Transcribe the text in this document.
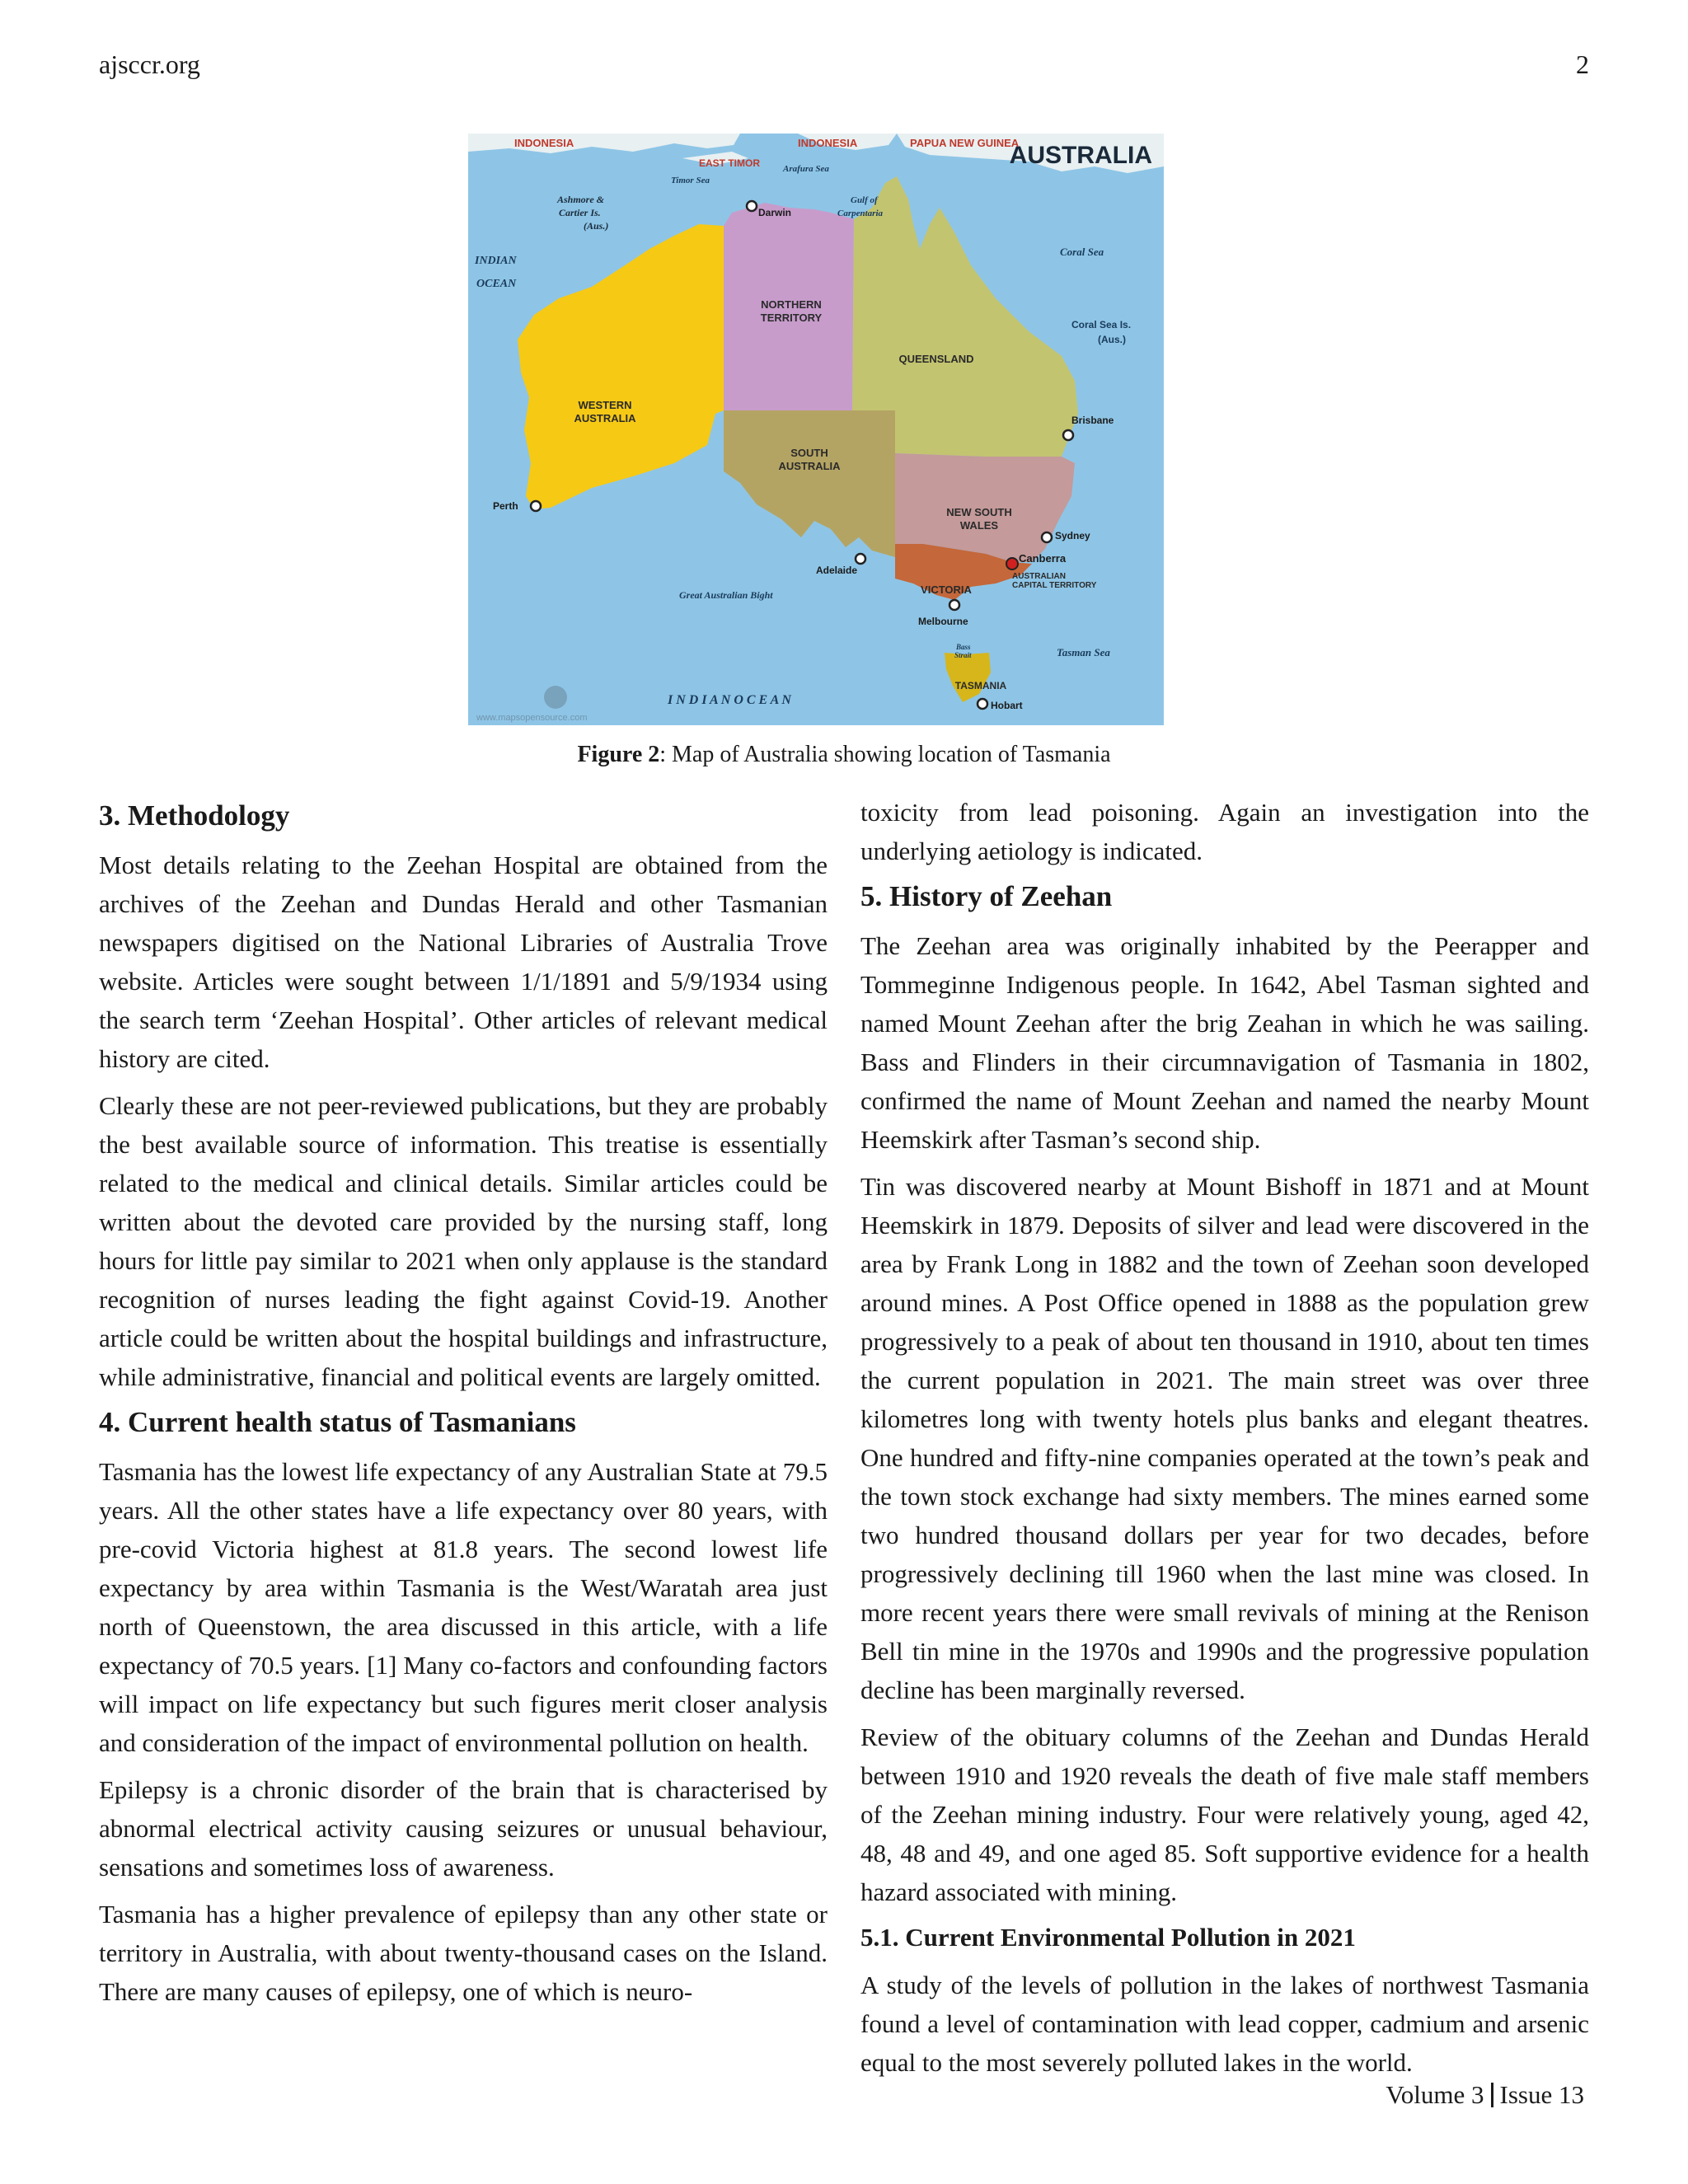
ajsccr.org	2
AUSTRALIA
INDONESIA	INDONESIA	PAPUA NEW GUINEA
EAST TIMOR
Timor Sea
Arafura Sea
Gulf of
Carpentaria
Coral Sea
Coral Sea Is.
(Aus.)
INDIAN
OCEAN
I N D I A N O C E A N
Great Australian Bight
Tasman Sea
Bass
Strait
Ashmore &
Cartier Is.
(Aus.)
WESTERN
AUSTRALIA
NORTHERN
TERRITORY
QUEENSLAND
SOUTH
AUSTRALIA
NEW SOUTH
WALES
VICTORIA
TASMANIA
AUSTRALIAN
CAPITAL TERRITORY
Darwin
Brisbane
Perth
Adelaide
Sydney
Canberra
Melbourne
Hobart
www.mapsopensource.com
Figure 2: Map of Australia showing location of Tasmania
3. Methodology

Most details relating to the Zeehan Hospital are obtained from the archives of the Zeehan and Dundas Herald and other Tasmanian newspapers digitised on the National Libraries of Australia Trove website. Articles were sought between 1/1/1891 and 5/9/1934 using the search term ‘Zeehan Hospital’. Other articles of relevant medical history are cited.

Clearly these are not peer-reviewed publications, but they are probably the best available source of information. This treatise is essentially related to the medical and clinical details. Similar articles could be written about the devoted care provided by the nursing staff, long hours for little pay similar to 2021 when only applause is the standard recognition of nurses leading the fight against Covid-19. Another article could be written about the hospital buildings and infrastructure, while administrative, financial and political events are largely omitted.

4. Current health status of Tasmanians

Tasmania has the lowest life expectancy of any Australian State at 79.5 years. All the other states have a life expectancy over 80 years, with pre-covid Victoria highest at 81.8 years. The second lowest life expectancy by area within Tasmania is the West/Waratah area just north of Queenstown, the area discussed in this article, with a life expectancy of 70.5 years. [1] Many co-factors and confounding factors will impact on life expectancy but such figures merit closer analysis and consideration of the impact of environmental pollution on health.

Epilepsy is a chronic disorder of the brain that is characterised by abnormal electrical activity causing seizures or unusual behaviour, sensations and sometimes loss of awareness.

Tasmania has a higher prevalence of epilepsy than any other state or territory in Australia, with about twenty-thousand cases on the Island. There are many causes of epilepsy, one of which is neuro-

toxicity from lead poisoning. Again an investigation into the underlying aetiology is indicated.

5. History of Zeehan

The Zeehan area was originally inhabited by the Peerapper and Tommeginne Indigenous people. In 1642, Abel Tasman sighted and named Mount Zeehan after the brig Zeahan in which he was sailing. Bass and Flinders in their circumnavigation of Tasmania in 1802, confirmed the name of Mount Zeehan and named the nearby Mount Heemskirk after Tasman’s second ship.

Tin was discovered nearby at Mount Bishoff in 1871 and at Mount Heemskirk in 1879. Deposits of silver and lead were discovered in the area by Frank Long in 1882 and the town of Zeehan soon developed around mines. A Post Office opened in 1888 as the population grew progressively to a peak of about ten thousand in 1910, about ten times the current population in 2021. The main street was over three kilometres long with twenty hotels plus banks and elegant theatres. One hundred and fifty-nine companies operated at the town’s peak and the town stock exchange had sixty members. The mines earned some two hundred thousand dollars per year for two decades, before progressively declining till 1960 when the last mine was closed. In more recent years there were small revivals of mining at the Renison Bell tin mine in the 1970s and 1990s and the progressive population decline has been marginally reversed.

Review of the obituary columns of the Zeehan and Dundas Herald between 1910 and 1920 reveals the death of five male staff members of the Zeehan mining industry. Four were relatively young, aged 42, 48, 48 and 49, and one aged 85. Soft supportive evidence for a health hazard associated with mining.

5.1. Current Environmental Pollution in 2021

A study of the levels of pollution in the lakes of northwest Tasmania found a level of contamination with lead copper, cadmium and arsenic equal to the most severely polluted lakes in the world.

Volume 3 Issue 13
